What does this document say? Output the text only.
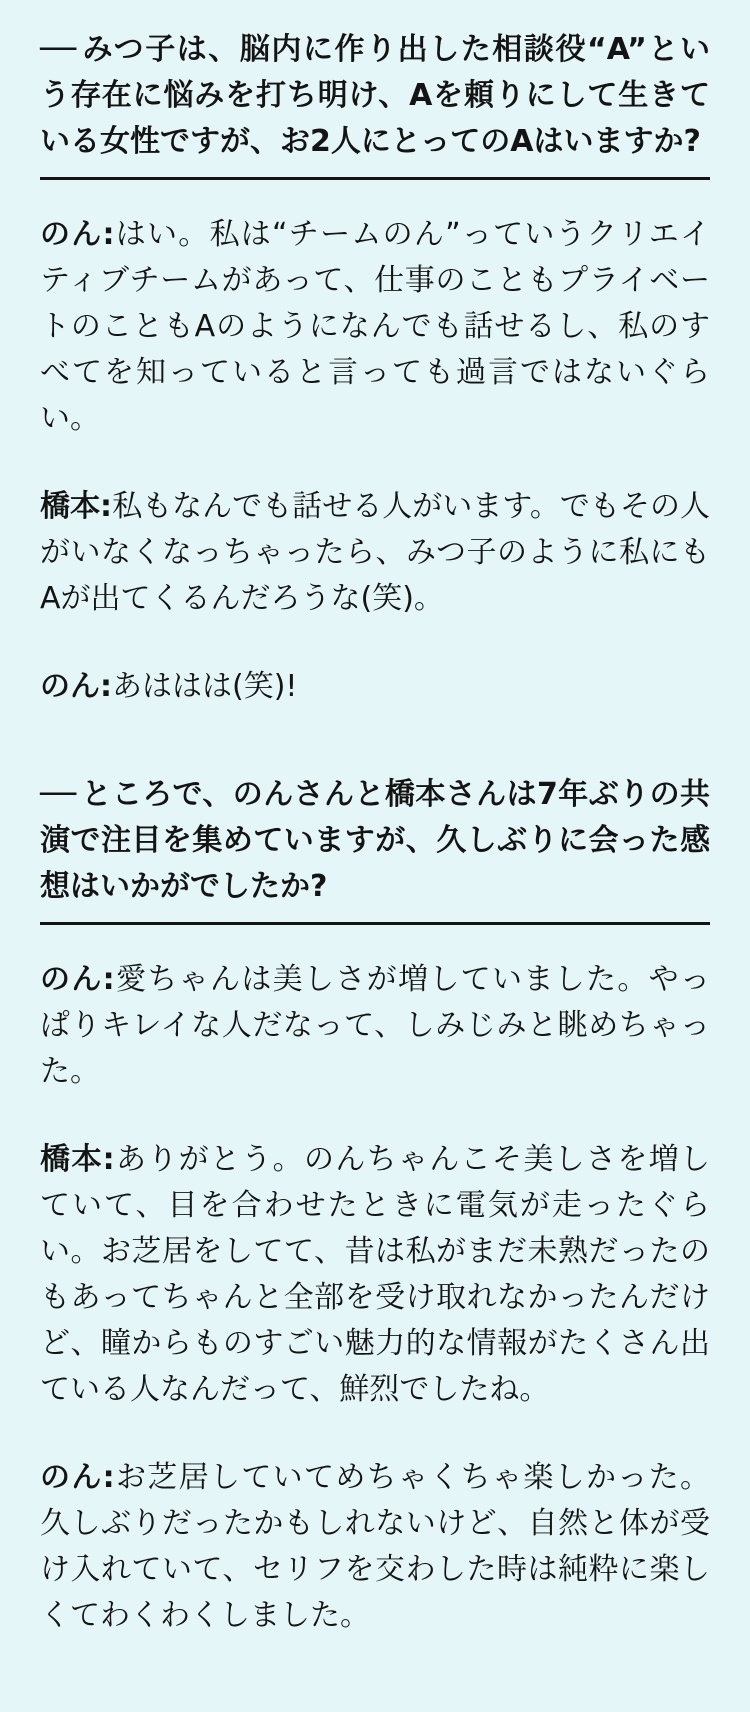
── みつ子は、脳内に作り出した相談役“A”という存在に悩みを打ち明け、Aを頼りにして生きている女性ですが、お2人にとってのAはいますか?

のん:はい。私は“チームのん”っていうクリエイティブチームがあって、仕事のこともプライベートのこともAのようになんでも話せるし、私のすべてを知っていると言っても過言ではないぐらい。

橋本:私もなんでも話せる人がいます。でもその人がいなくなっちゃったら、みつ子のように私にもAが出てくるんだろうな(笑)。

のん:あははは(笑)!

── ところで、のんさんと橋本さんは7年ぶりの共演で注目を集めていますが、久しぶりに会った感想はいかがでしたか?

のん:愛ちゃんは美しさが増していました。やっぱりキレイな人だなって、しみじみと眺めちゃった。

橋本:ありがとう。のんちゃんこそ美しさを増していて、目を合わせたときに電気が走ったぐらい。お芝居をしてて、昔は私がまだ未熟だったのもあってちゃんと全部を受け取れなかったんだけど、瞳からものすごい魅力的な情報がたくさん出ている人なんだって、鮮烈でしたね。

のん:お芝居していてめちゃくちゃ楽しかった。久しぶりだったかもしれないけど、自然と体が受け入れていて、セリフを交わした時は純粋に楽しくてわくわくしました。
